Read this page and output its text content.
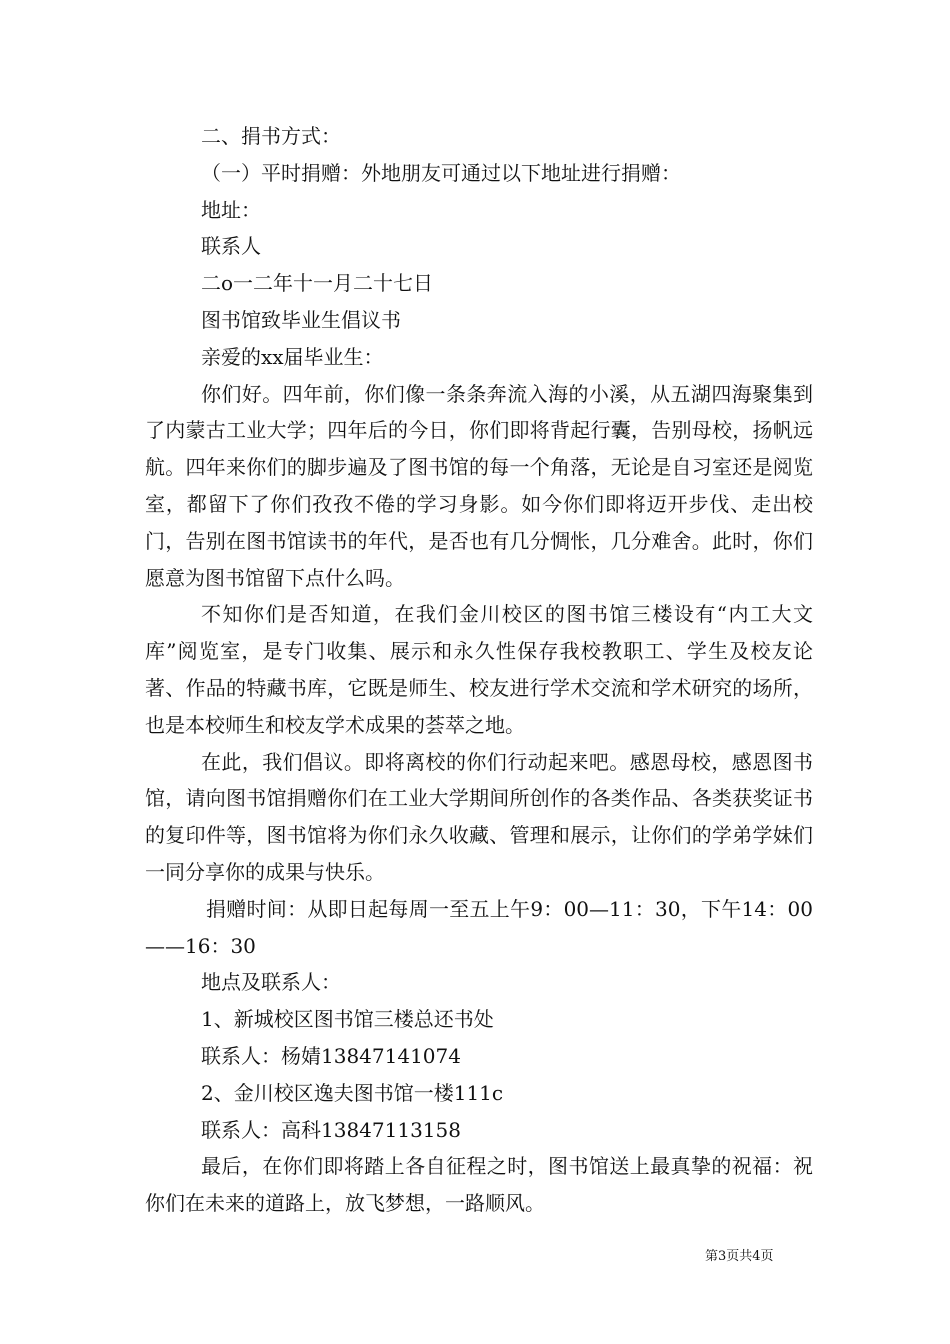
二、捐书方式：

（一）平时捐赠：外地朋友可通过以下地址进行捐赠：

地址：

联系人

二o一二年十一月二十七日

图书馆致毕业生倡议书

亲爱的xx届毕业生：

你们好。四年前，你们像一条条奔流入海的小溪，从五湖四海聚集到了内蒙古工业大学；四年后的今日，你们即将背起行囊，告别母校，扬帆远航。四年来你们的脚步遍及了图书馆的每一个角落，无论是自习室还是阅览室，都留下了你们孜孜不倦的学习身影。如今你们即将迈开步伐、走出校门，告别在图书馆读书的年代，是否也有几分惆怅，几分难舍。此时，你们愿意为图书馆留下点什么吗。

不知你们是否知道，在我们金川校区的图书馆三楼设有“内工大文库”阅览室，是专门收集、展示和永久性保存我校教职工、学生及校友论著、作品的特藏书库，它既是师生、校友进行学术交流和学术研究的场所，也是本校师生和校友学术成果的荟萃之地。

在此，我们倡议。即将离校的你们行动起来吧。感恩母校，感恩图书馆，请向图书馆捐赠你们在工业大学期间所创作的各类作品、各类获奖证书的复印件等，图书馆将为你们永久收藏、管理和展示，让你们的学弟学妹们一同分享你的成果与快乐。

捐赠时间：从即日起每周一至五上午9：00—11：30，下午14：00——16：30

地点及联系人：

1、新城校区图书馆三楼总还书处

联系人：杨婧13847141074

2、金川校区逸夫图书馆一楼111c

联系人：高科13847113158

最后，在你们即将踏上各自征程之时，图书馆送上最真挚的祝福：祝你们在未来的道路上，放飞梦想，一路顺风。

第3页共4页
